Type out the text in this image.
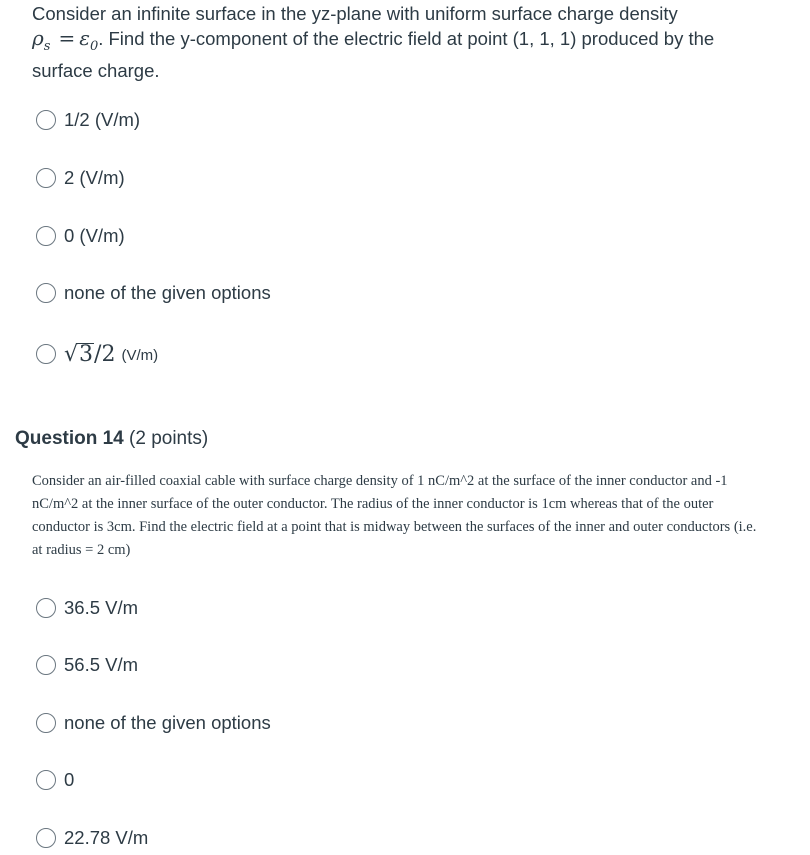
Consider an infinite surface in the yz-plane with uniform surface charge density
$\rho_s = \varepsilon_0$. Find the y-component of the electric field at point (1, 1, 1) produced by the surface charge.
1/2 (V/m)
2 (V/m)
0 (V/m)
none of the given options
√ 3 /2 (V/m)
Question 14 (2 points)
Consider an air-filled coaxial cable with surface charge density of 1 nC/m^2 at the surface of the inner conductor and -1 nC/m^2 at the inner surface of the outer conductor. The radius of the inner conductor is 1cm whereas that of the outer conductor is 3cm. Find the electric field at a point that is midway between the surfaces of the inner and outer conductors (i.e. at radius = 2 cm)
36.5 V/m
56.5 V/m
none of the given options
0
22.78 V/m
